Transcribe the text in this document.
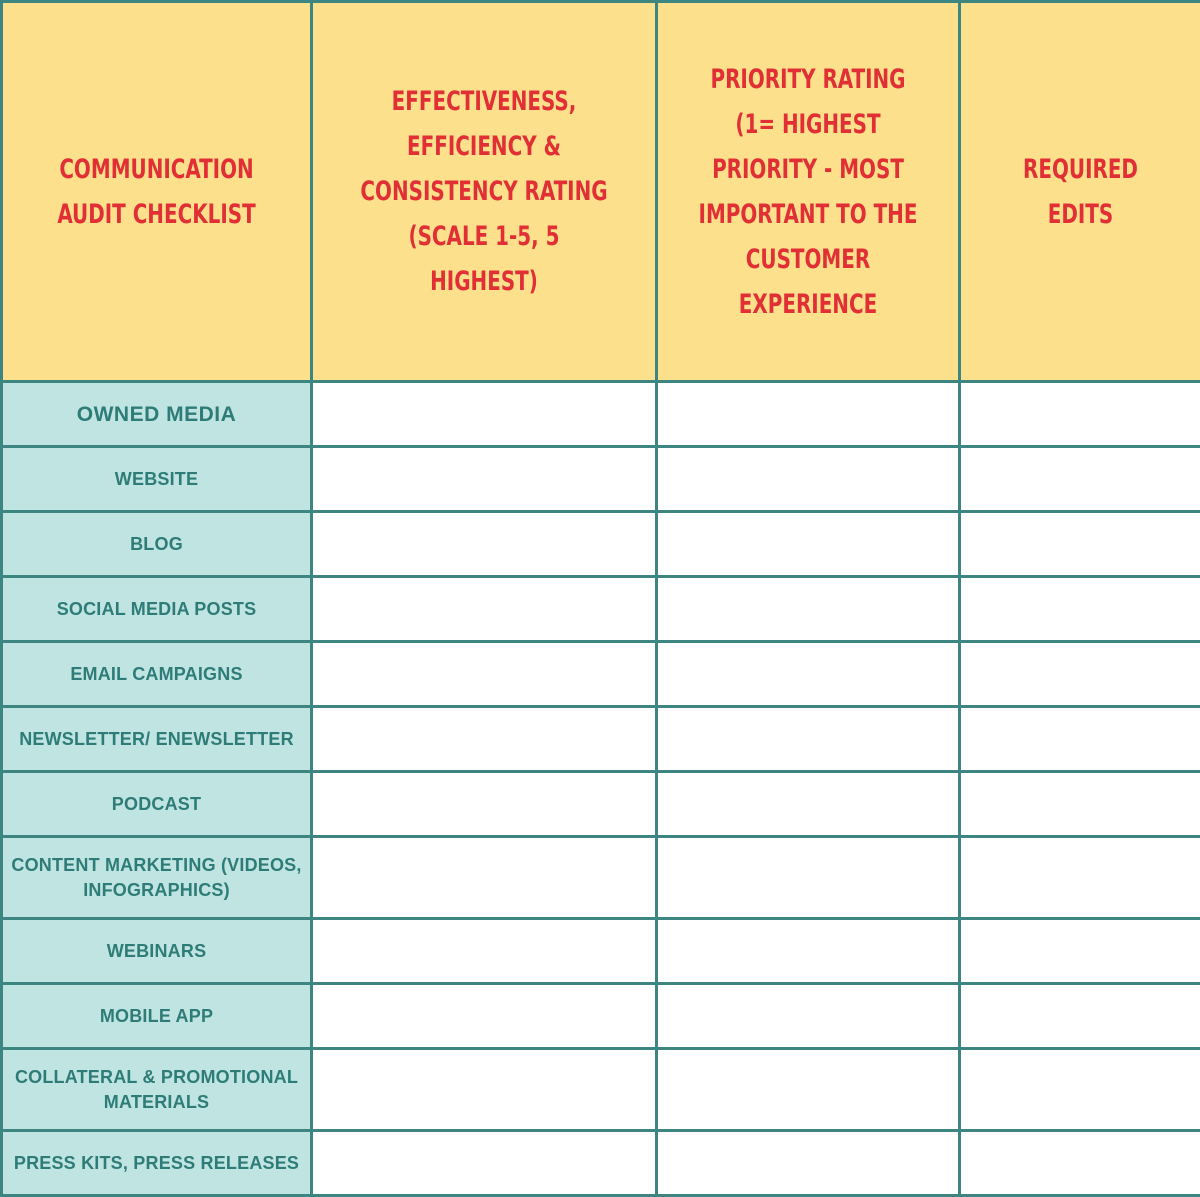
COMMUNICATION AUDIT CHECKLIST	EFFECTIVENESS, EFFICIENCY & CONSISTENCY RATING (SCALE 1-5, 5 HIGHEST)	PRIORITY RATING (1= HIGHEST PRIORITY - MOST IMPORTANT TO THE CUSTOMER EXPERIENCE	REQUIRED EDITS
OWNED MEDIA			
WEBSITE			
BLOG			
SOCIAL MEDIA POSTS			
EMAIL CAMPAIGNS			
NEWSLETTER/ ENEWSLETTER			
PODCAST			
CONTENT MARKETING (VIDEOS, INFOGRAPHICS)			
WEBINARS			
MOBILE APP			
COLLATERAL & PROMOTIONAL MATERIALS			
PRESS KITS, PRESS RELEASES			
